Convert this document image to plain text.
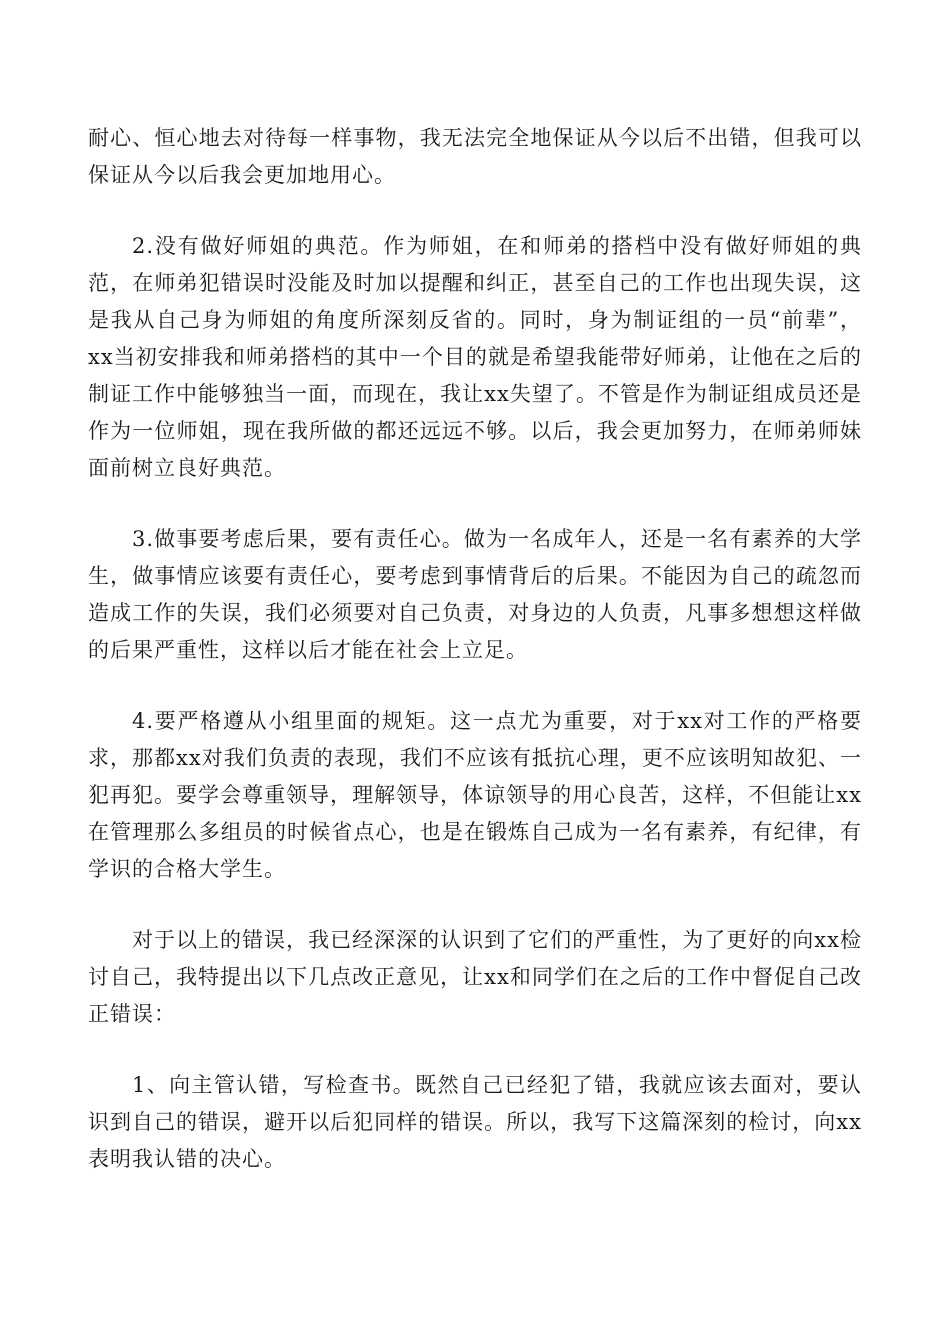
耐心、恒心地去对待每一样事物，我无法完全地保证从今以后不出错，但我可以保证从今以后我会更加地用心。

2.没有做好师姐的典范。作为师姐，在和师弟的搭档中没有做好师姐的典范，在师弟犯错误时没能及时加以提醒和纠正，甚至自己的工作也出现失误，这是我从自己身为师姐的角度所深刻反省的。同时，身为制证组的一员“前辈”，xx当初安排我和师弟搭档的其中一个目的就是希望我能带好师弟，让他在之后的制证工作中能够独当一面，而现在，我让xx失望了。不管是作为制证组成员还是作为一位师姐，现在我所做的都还远远不够。以后，我会更加努力，在师弟师妹面前树立良好典范。

3.做事要考虑后果，要有责任心。做为一名成年人，还是一名有素养的大学生，做事情应该要有责任心，要考虑到事情背后的后果。不能因为自己的疏忽而造成工作的失误，我们必须要对自己负责，对身边的人负责，凡事多想想这样做的后果严重性，这样以后才能在社会上立足。

4.要严格遵从小组里面的规矩。这一点尤为重要，对于xx对工作的严格要求，那都xx对我们负责的表现，我们不应该有抵抗心理，更不应该明知故犯、一犯再犯。要学会尊重领导，理解领导，体谅领导的用心良苦，这样，不但能让xx在管理那么多组员的时候省点心，也是在锻炼自己成为一名有素养，有纪律，有学识的合格大学生。

对于以上的错误，我已经深深的认识到了它们的严重性，为了更好的向xx检讨自己，我特提出以下几点改正意见，让xx和同学们在之后的工作中督促自己改正错误：

1、向主管认错，写检查书。既然自己已经犯了错，我就应该去面对，要认识到自己的错误，避开以后犯同样的错误。所以，我写下这篇深刻的检讨，向xx表明我认错的决心。
